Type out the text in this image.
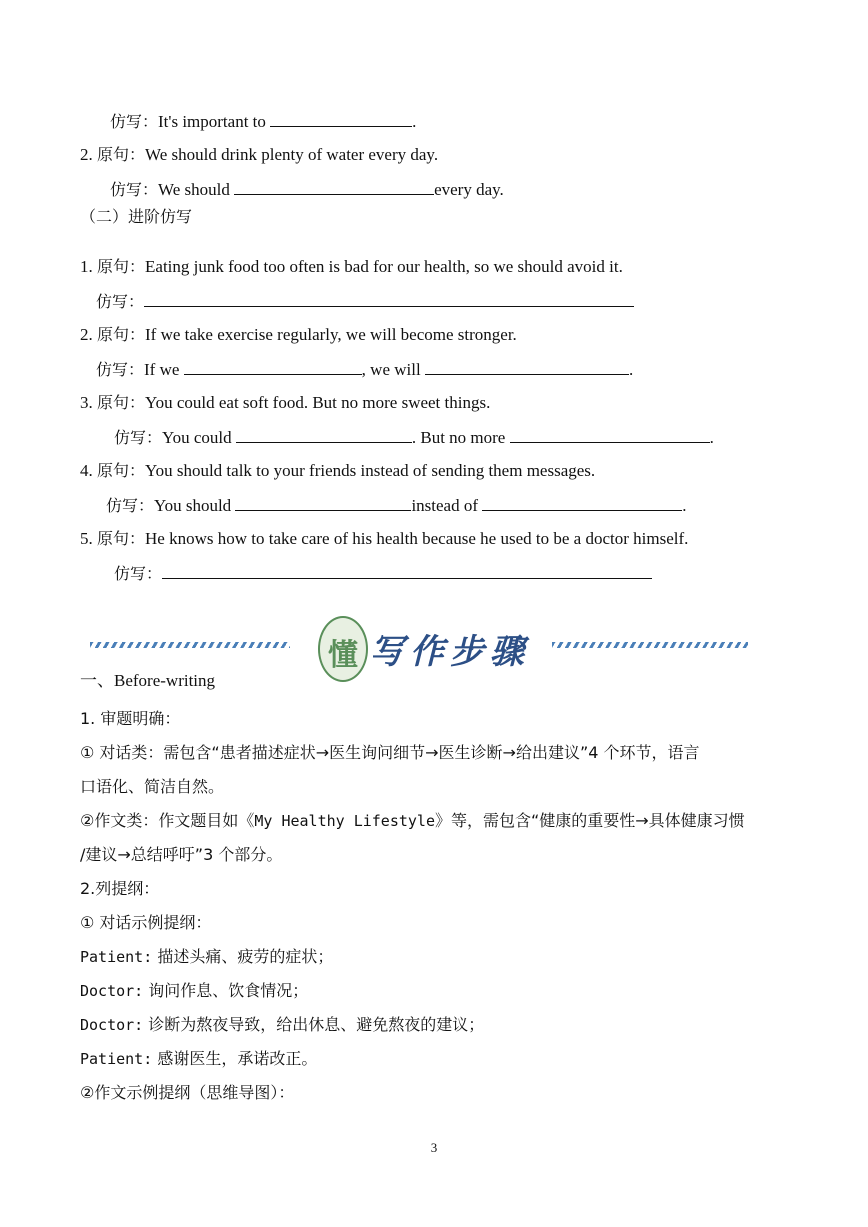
仿写：It's important to	.
2. 原句：We should drink plenty of water every day.
仿写：We should	every day.
（二）进阶仿写
1. 原句：Eating junk food too often is bad for our health, so we should avoid it.
仿写：
2. 原句：If we take exercise regularly, we will become stronger.
仿写：If we	, we will	.
3. 原句：You could eat soft food. But no more sweet things.
仿写：You could	. But no more	.
4. 原句：You should talk to your friends instead of sending them messages.
仿写：You should	instead of	.
5. 原句：He knows how to take care of his health because he used to be a doctor himself.
仿写：
懂 写作步骤
一、Before-writing
1. 审题明确：
① 对话类：需包含“患者描述症状→医生询问细节→医生诊断→给出建议”4 个环节，语言
口语化、简洁自然。
②作文类：作文题目如《My Healthy Lifestyle》等，需包含“健康的重要性→具体健康习惯
/建议→总结呼吁”3 个部分。
2.列提纲：
① 对话示例提纲：
Patient: 描述头痛、疲劳的症状；
Doctor: 询问作息、饮食情况；
Doctor: 诊断为熬夜导致，给出休息、避免熬夜的建议；
Patient: 感谢医生，承诺改正。
②作文示例提纲（思维导图）：
3
